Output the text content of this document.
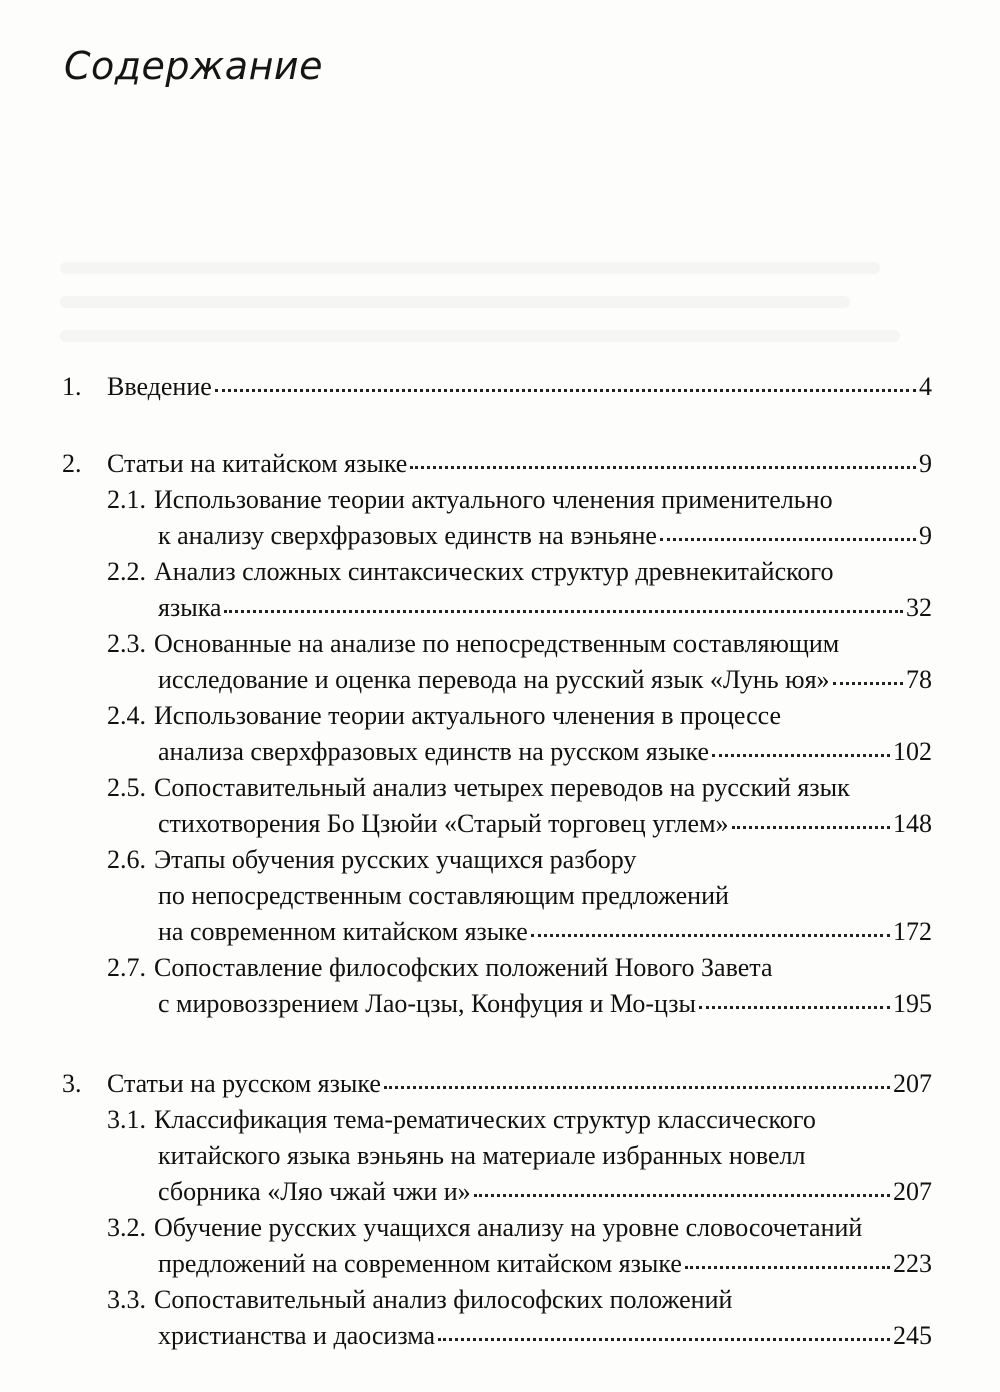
Содержание
1. Введение	4
2. Статьи на китайском языке	9
2.1. Использование теории актуального членения применительно
к анализу сверхфразовых единств на вэньяне	9
2.2. Анализ сложных синтаксических структур древнекитайского
языка	32
2.3. Основанные на анализе по непосредственным составляющим
исследование и оценка перевода на русский язык «Лунь юя»	78
2.4. Использование теории актуального членения в процессе
анализа сверхфразовых единств на русском языке	102
2.5. Сопоставительный анализ четырех переводов на русский язык
стихотворения Бо Цзюйи «Старый торговец углем»	148
2.6. Этапы обучения русских учащихся разбору
по непосредственным составляющим предложений
на современном китайском языке	172
2.7. Сопоставление философских положений Нового Завета
с мировоззрением Лао-цзы, Конфуция и Мо-цзы	195
3. Статьи на русском языке	207
3.1. Классификация тема-рематических структур классического
китайского языка вэньянь на материале избранных новелл
сборника «Ляо чжай чжи и»	207
3.2. Обучение русских учащихся анализу на уровне словосочетаний
предложений на современном китайском языке	223
3.3. Сопоставительный анализ философских положений
христианства и даосизма	245
